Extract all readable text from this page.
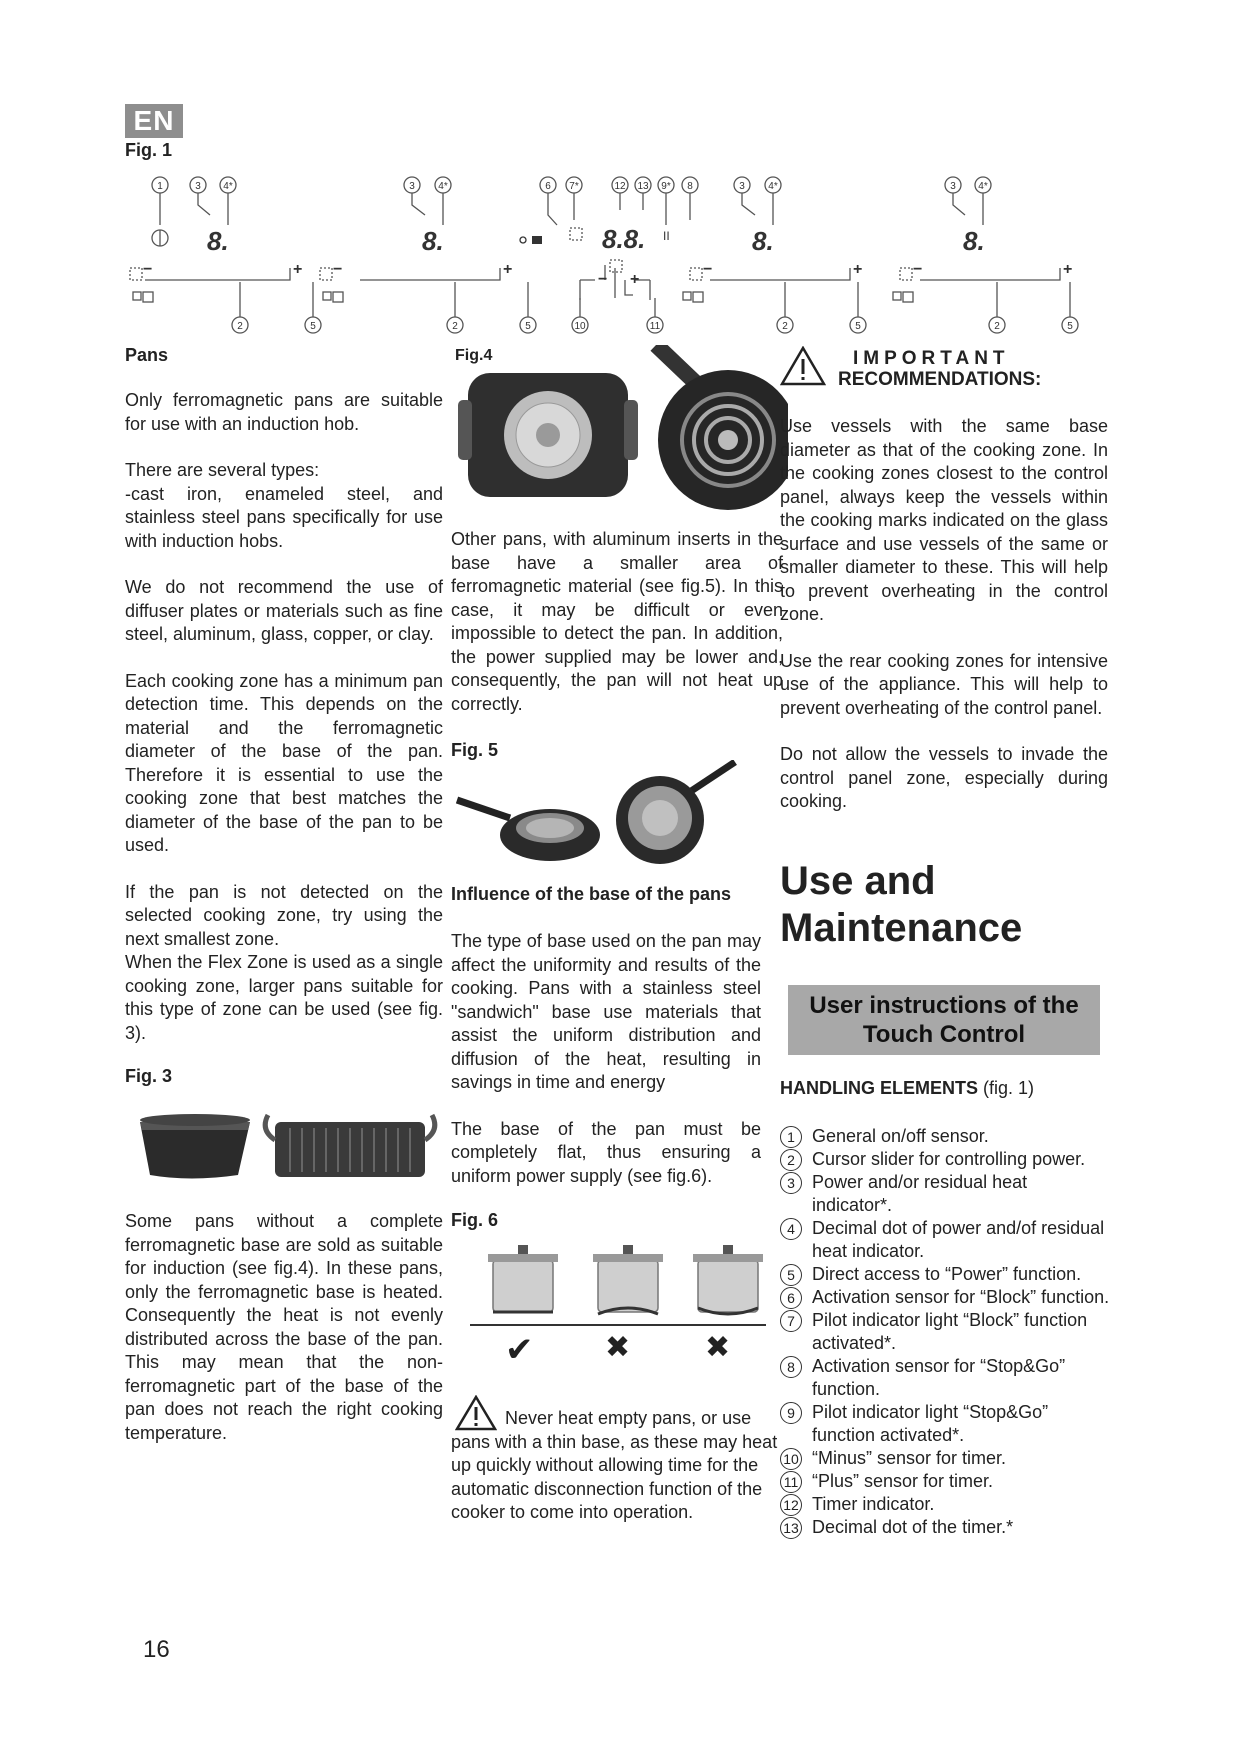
EN
Fig. 1
1	3 4*	3 4*	6 7*	12 13 9* 8	3 4*	3 4*
2	5	2	5	10	11	2	5	2	5
8.	8.	8.8.	8.	8.
+
−	+
−
− +
+
−	+
−
II
Pans

Only ferromagnetic pans are suitable for use with an induction hob.

There are several types:

-cast iron, enameled steel, and stainless steel pans specifically for use with induction hobs.

We do not recommend the use of diffuser plates or materials such as fine steel, aluminum, glass, copper, or clay.

Each cooking zone has a minimum pan detection time. This depends on the material and the ferromagnetic diameter of the base of the pan. Therefore it is essential to use the cooking zone that best matches the diameter of the base of the pan to be used.

If the pan is not detected on the selected cooking zone, try using the next smallest zone.

When the Flex Zone is used as a single cooking zone, larger pans suitable for this type of zone can be used (see fig. 3).

Fig. 3
Some pans without a complete ferromagnetic base are sold as suitable for induction (see fig.4). In these pans, only the ferromagnetic base is heated. Consequently the heat is not evenly distributed across the base of the pan. This may mean that the non-ferromagnetic part of the base of the pan does not reach the right cooking temperature.
Fig.4
Other pans, with aluminum inserts in the base have a smaller area of ferromagnetic material (see fig.5). In this case, it may be difficult or even impossible to detect the pan. In addition, the power supplied may be lower and, consequently, the pan will not heat up correctly.
Fig. 5
Influence of the base of the pans

The type of base used on the pan may affect the uniformity and results of the cooking. Pans with a stainless steel "sandwich" base use materials that assist the uniform distribution and diffusion of the heat, resulting in savings in time and energy

The base of the pan must be completely flat, thus ensuring a uniform power supply (see fig.6).

Fig. 6
✔ ✖ ✖
Never heat empty pans, or use pans with a thin base, as these may heat up quickly without allowing time for the automatic disconnection function of the cooker to come into operation.
IMPORTANT
RECOMMENDATIONS:

Use vessels with the same base diameter as that of the cooking zone. In the cooking zones closest to the control panel, always keep the vessels within the cooking marks indicated on the glass surface and use vessels of the same or smaller diameter to these. This will help to prevent overheating in the control zone.

Use the rear cooking zones for intensive use of the appliance. This will help to prevent overheating of the control panel.

Do not allow the vessels to invade the control panel zone, especially during cooking.

Use and
Maintenance
User instructions of the
Touch Control
HANDLING ELEMENTS (fig. 1)
1 General on/off sensor.
2 Cursor slider for controlling power.
3 Power and/or residual heat indicator*.
4 Decimal dot of power and/of residual heat indicator.
5 Direct access to “Power” function.
6 Activation sensor for “Block” function.
7 Pilot indicator light “Block” function activated*.
8 Activation sensor for “Stop&Go” function.
9 Pilot indicator light “Stop&Go” function activated*.
10 “Minus” sensor for timer.
11 “Plus” sensor for timer.
12 Timer indicator.
13 Decimal dot of the timer.*
16
